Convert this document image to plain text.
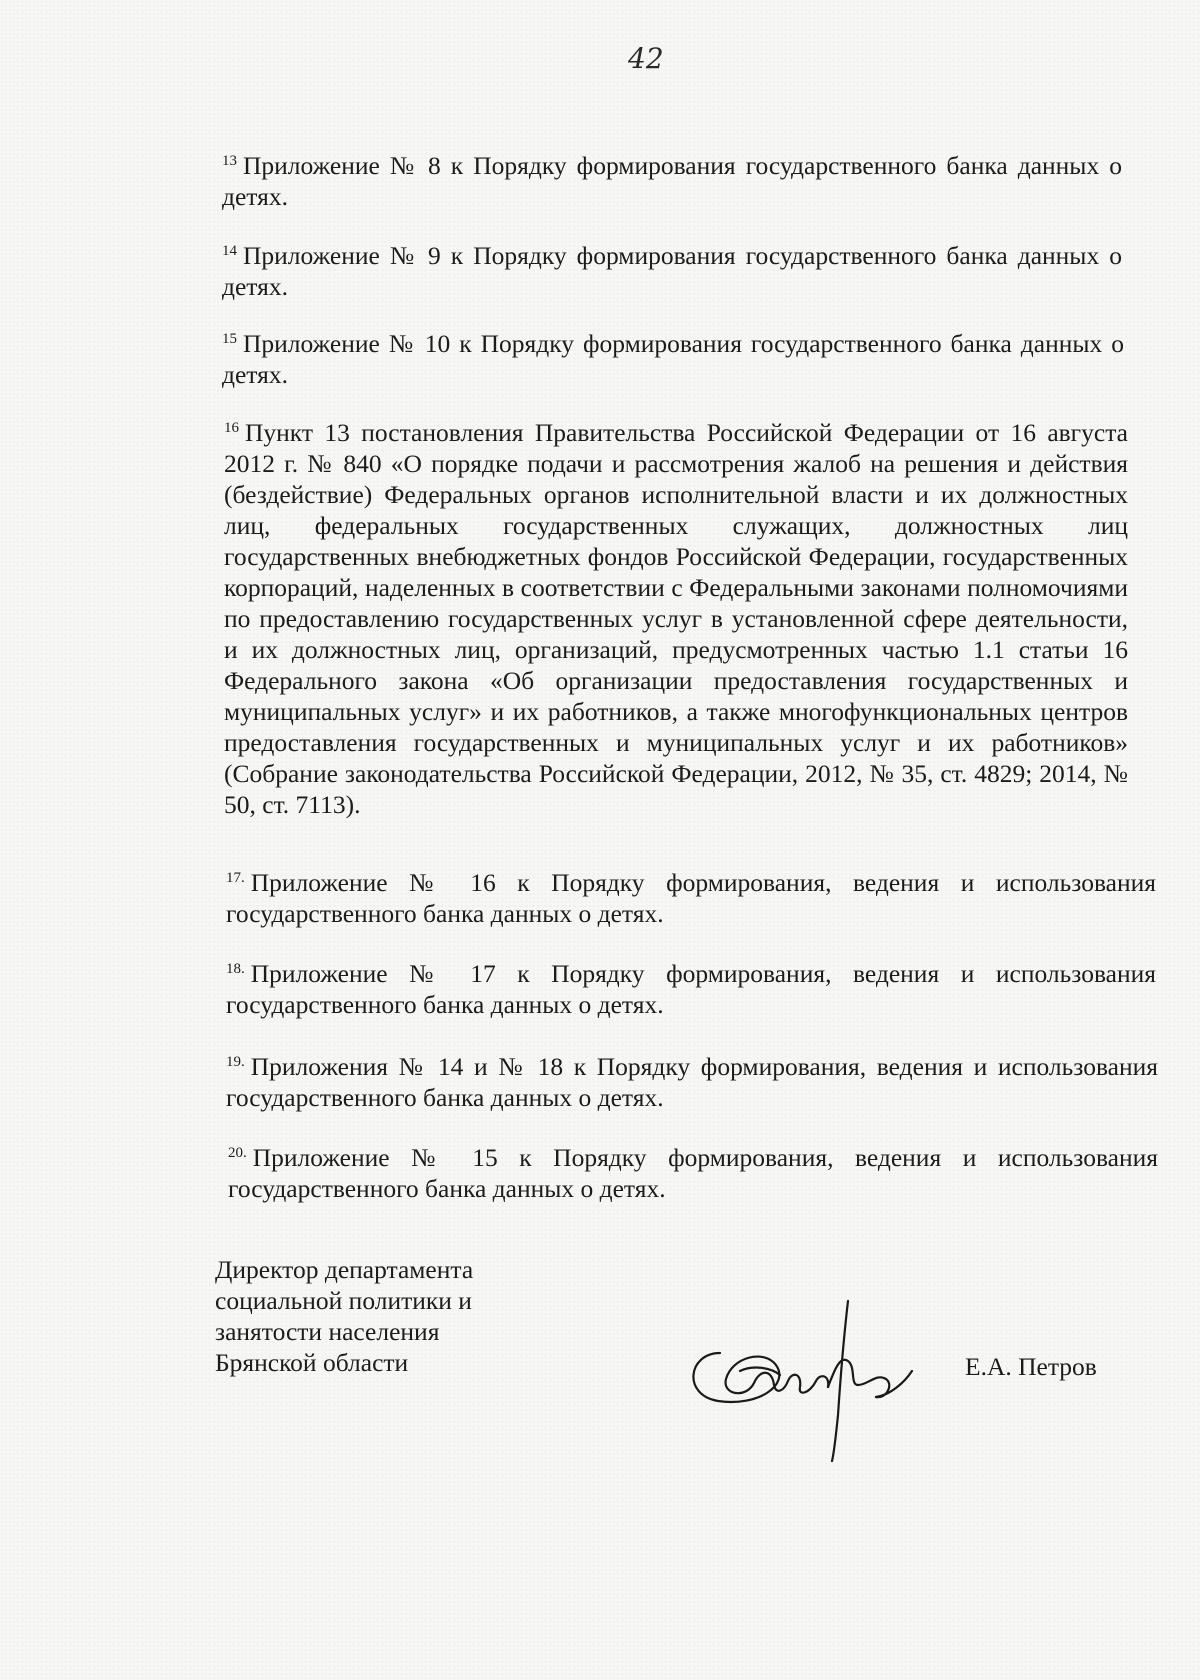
42

$^{13}$ Приложение № 8 к Порядку формирования государственного банка данных о детях.

$^{14}$ Приложение № 9 к Порядку формирования государственного банка данных о детях.

$^{15}$ Приложение № 10 к Порядку формирования государственного банка данных о детях.

$^{16}$ Пункт 13 постановления Правительства Российской Федерации от 16 августа 2012 г. № 840 «О порядке подачи и рассмотрения жалоб на решения и действия (бездействие) Федеральных органов исполнительной власти и их должностных лиц, федеральных государственных служащих, должностных лиц государственных внебюджетных фондов Российской Федерации, государственных корпораций, наделенных в соответствии с Федеральными законами полномочиями по предоставлению государственных услуг в установленной сфере деятельности, и их должностных лиц, организаций, предусмотренных частью 1.1 статьи 16 Федерального закона «Об организации предоставления государственных и муниципальных услуг» и их работников, а также многофункциональных центров предоставления государственных и муниципальных услуг и их работников» (Собрание законодательства Российской Федерации, 2012, № 35, ст. 4829; 2014, № 50, ст. 7113).

$^{17.}$ Приложение № 16 к Порядку формирования, ведения и использования государственного банка данных о детях.

$^{18.}$ Приложение № 17 к Порядку формирования, ведения и использования государственного банка данных о детях.

$^{19.}$ Приложения № 14 и № 18 к Порядку формирования, ведения и использования государственного банка данных о детях.

$^{20.}$ Приложение № 15 к Порядку формирования, ведения и использования государственного банка данных о детях.

Директор департамента
социальной политики и
занятости населения
Брянской области	Е.А. Петров
